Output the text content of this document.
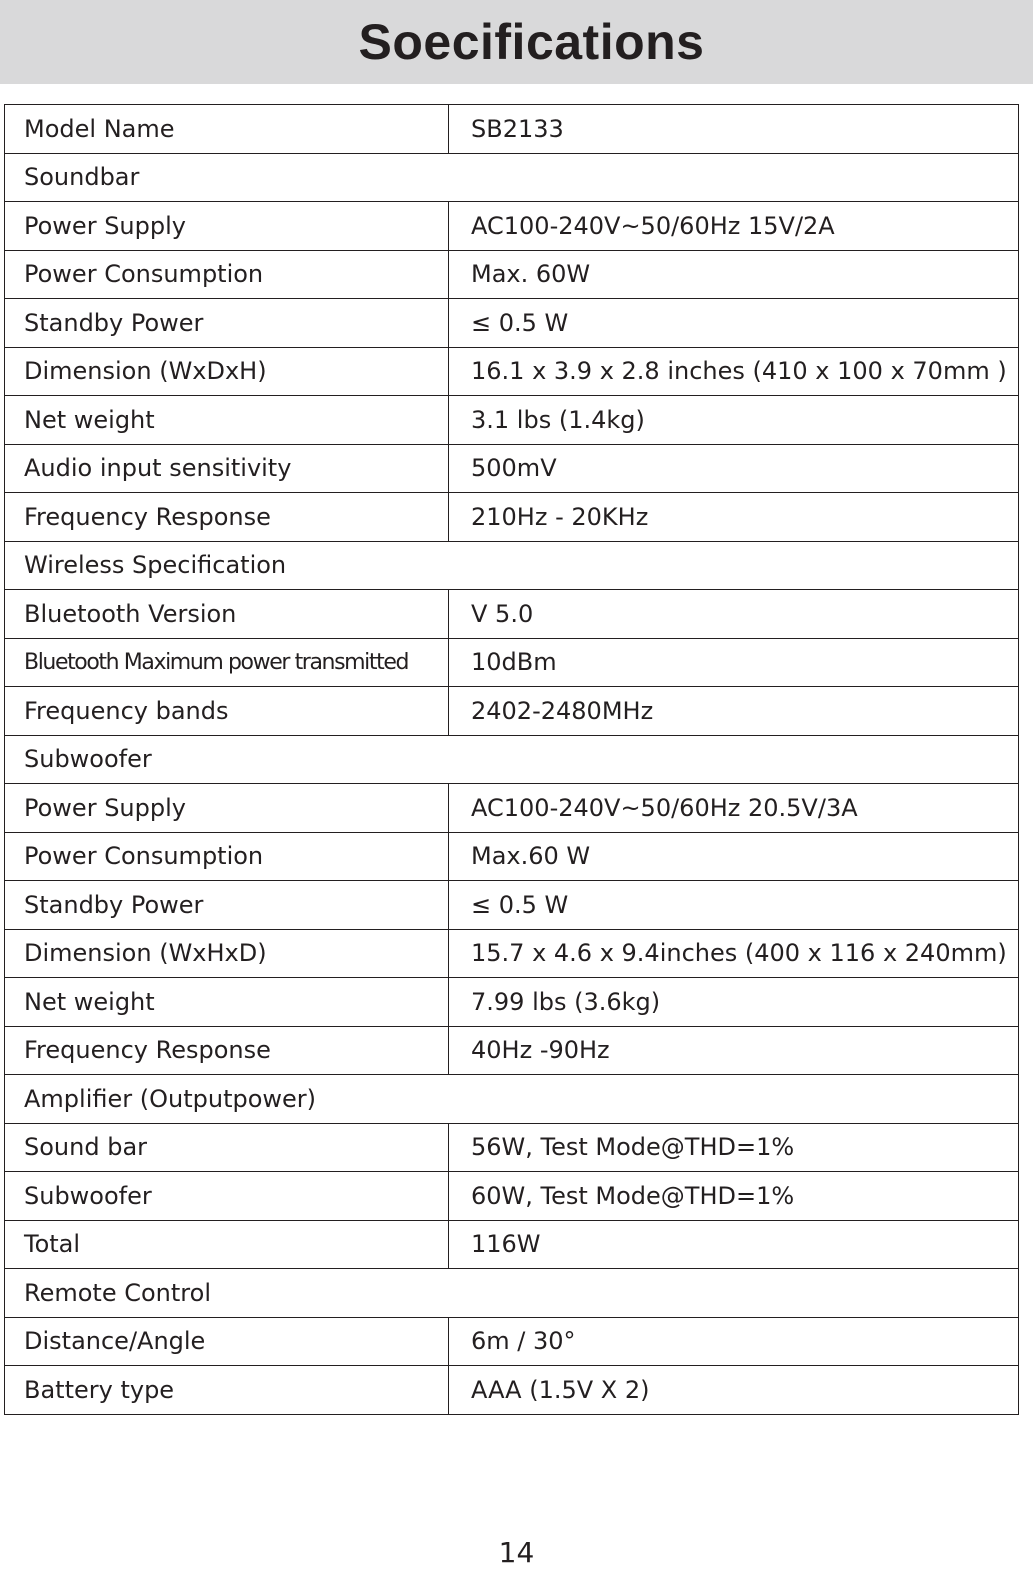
Soecifications
Model Name	SB2133
Soundbar	
Power Supply	AC100-240V~50/60Hz 15V/2A
Power Consumption	Max. 60W
Standby Power	≤ 0.5 W
Dimension (WxDxH)	16.1 x 3.9 x 2.8 inches (410 x 100 x 70mm )
Net weight	3.1 lbs (1.4kg)
Audio input sensitivity	500mV
Frequency Response	210Hz - 20KHz
Wireless Specification	
Bluetooth Version	V 5.0
Bluetooth Maximum power transmitted	10dBm
Frequency bands	2402-2480MHz
Subwoofer	
Power Supply	AC100-240V~50/60Hz 20.5V/3A
Power Consumption	Max.60 W
Standby Power	≤ 0.5 W
Dimension (WxHxD)	15.7 x 4.6 x 9.4inches (400 x 116 x 240mm)
Net weight	7.99 lbs (3.6kg)
Frequency Response	40Hz -90Hz
Amplifier (Outputpower)	
Sound bar	56W, Test Mode@THD=1%
Subwoofer	60W, Test Mode@THD=1%
Total	116W
Remote Control	
Distance/Angle	6m / 30°
Battery type	AAA (1.5V X 2)
14
